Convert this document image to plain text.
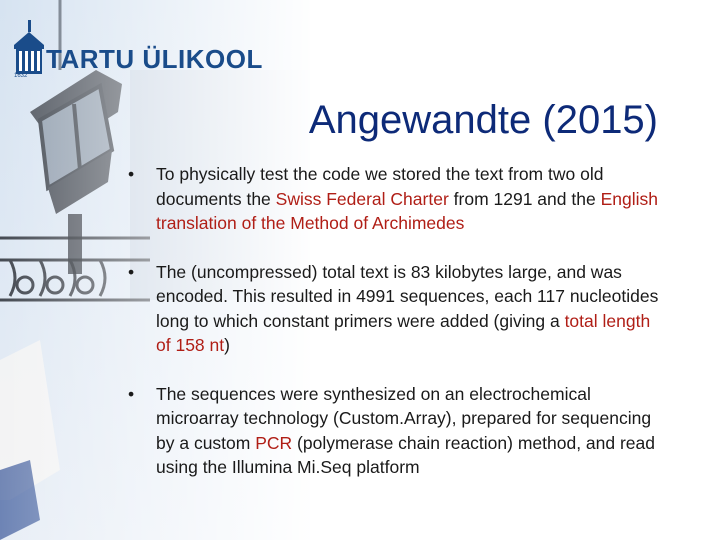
TARTU ÜLIKOOL
1632
Angewandte (2015)
• To physically test the code we stored the text from two old documents the Swiss Federal Charter from 1291 and the English translation of the Method of Archimedes
• The (uncompressed) total text is 83 kilobytes large, and was encoded. This resulted in 4991 sequences, each 117 nucleotides long to which constant primers were added (giving a total length of 158 nt)
• The sequences were synthesized on an electrochemical microarray technology (Custom.Array), prepared for sequencing by a custom PCR (polymerase chain reaction) method, and read using the Illumina Mi.Seq platform
